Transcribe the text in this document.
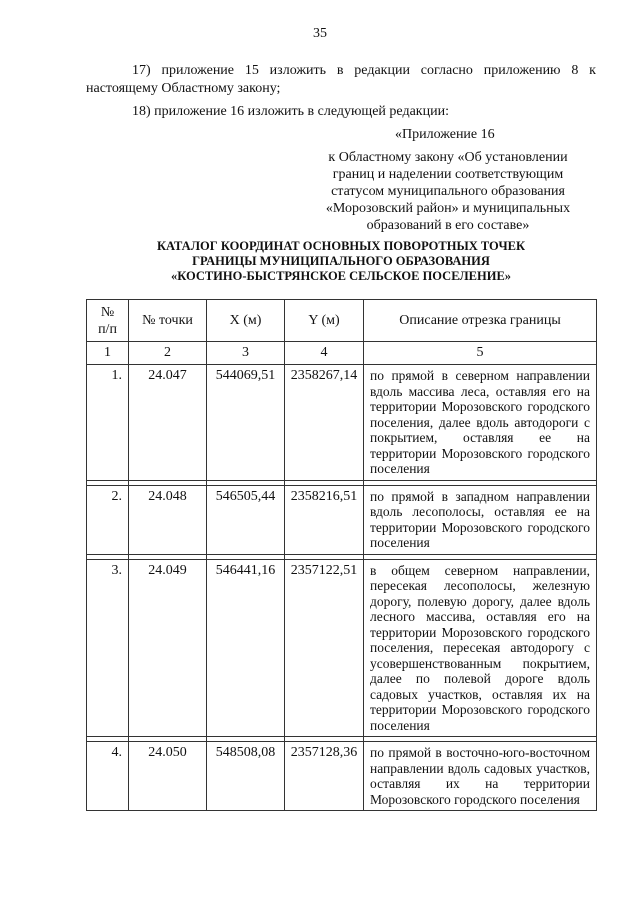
35
17) приложение 15 изложить в редакции согласно приложению 8 к настоящему Областному закону;
18) приложение 16 изложить в следующей редакции:
«Приложение 16
к Областному закону «Об установлении
границ и наделении соответствующим
статусом муниципального образования
«Морозовский район» и муниципальных
образований в его составе»
КАТАЛОГ КООРДИНАТ ОСНОВНЫХ ПОВОРОТНЫХ ТОЧЕК
ГРАНИЦЫ МУНИЦИПАЛЬНОГО ОБРАЗОВАНИЯ
«КОСТИНО-БЫСТРЯНСКОЕ СЕЛЬСКОЕ ПОСЕЛЕНИЕ»
№
п/п	№ точки	X (м)	Y (м)	Описание отрезка границы
1	2	3	4	5
1.	24.047	544069,51	2358267,14	по прямой в северном направлении вдоль массива леса, оставляя его на территории Морозовского городского поселения, далее вдоль автодороги с покрытием, оставляя ее на территории Морозовского городского поселения

2.	24.048	546505,44	2358216,51	по прямой в западном направлении вдоль лесополосы, оставляя ее на территории Морозовского городского поселения

3.	24.049	546441,16	2357122,51	в общем северном направлении, пересекая лесополосы, железную дорогу, полевую дорогу, далее вдоль лесного массива, оставляя его на территории Морозовского городского поселения, пересекая автодорогу с усовершенствованным покрытием, далее по полевой дороге вдоль садовых участков, оставляя их на территории Морозовского городского поселения

4.	24.050	548508,08	2357128,36	по прямой в восточно-юго-восточном направлении вдоль садовых участков, оставляя их на территории Морозовского городского поселения
